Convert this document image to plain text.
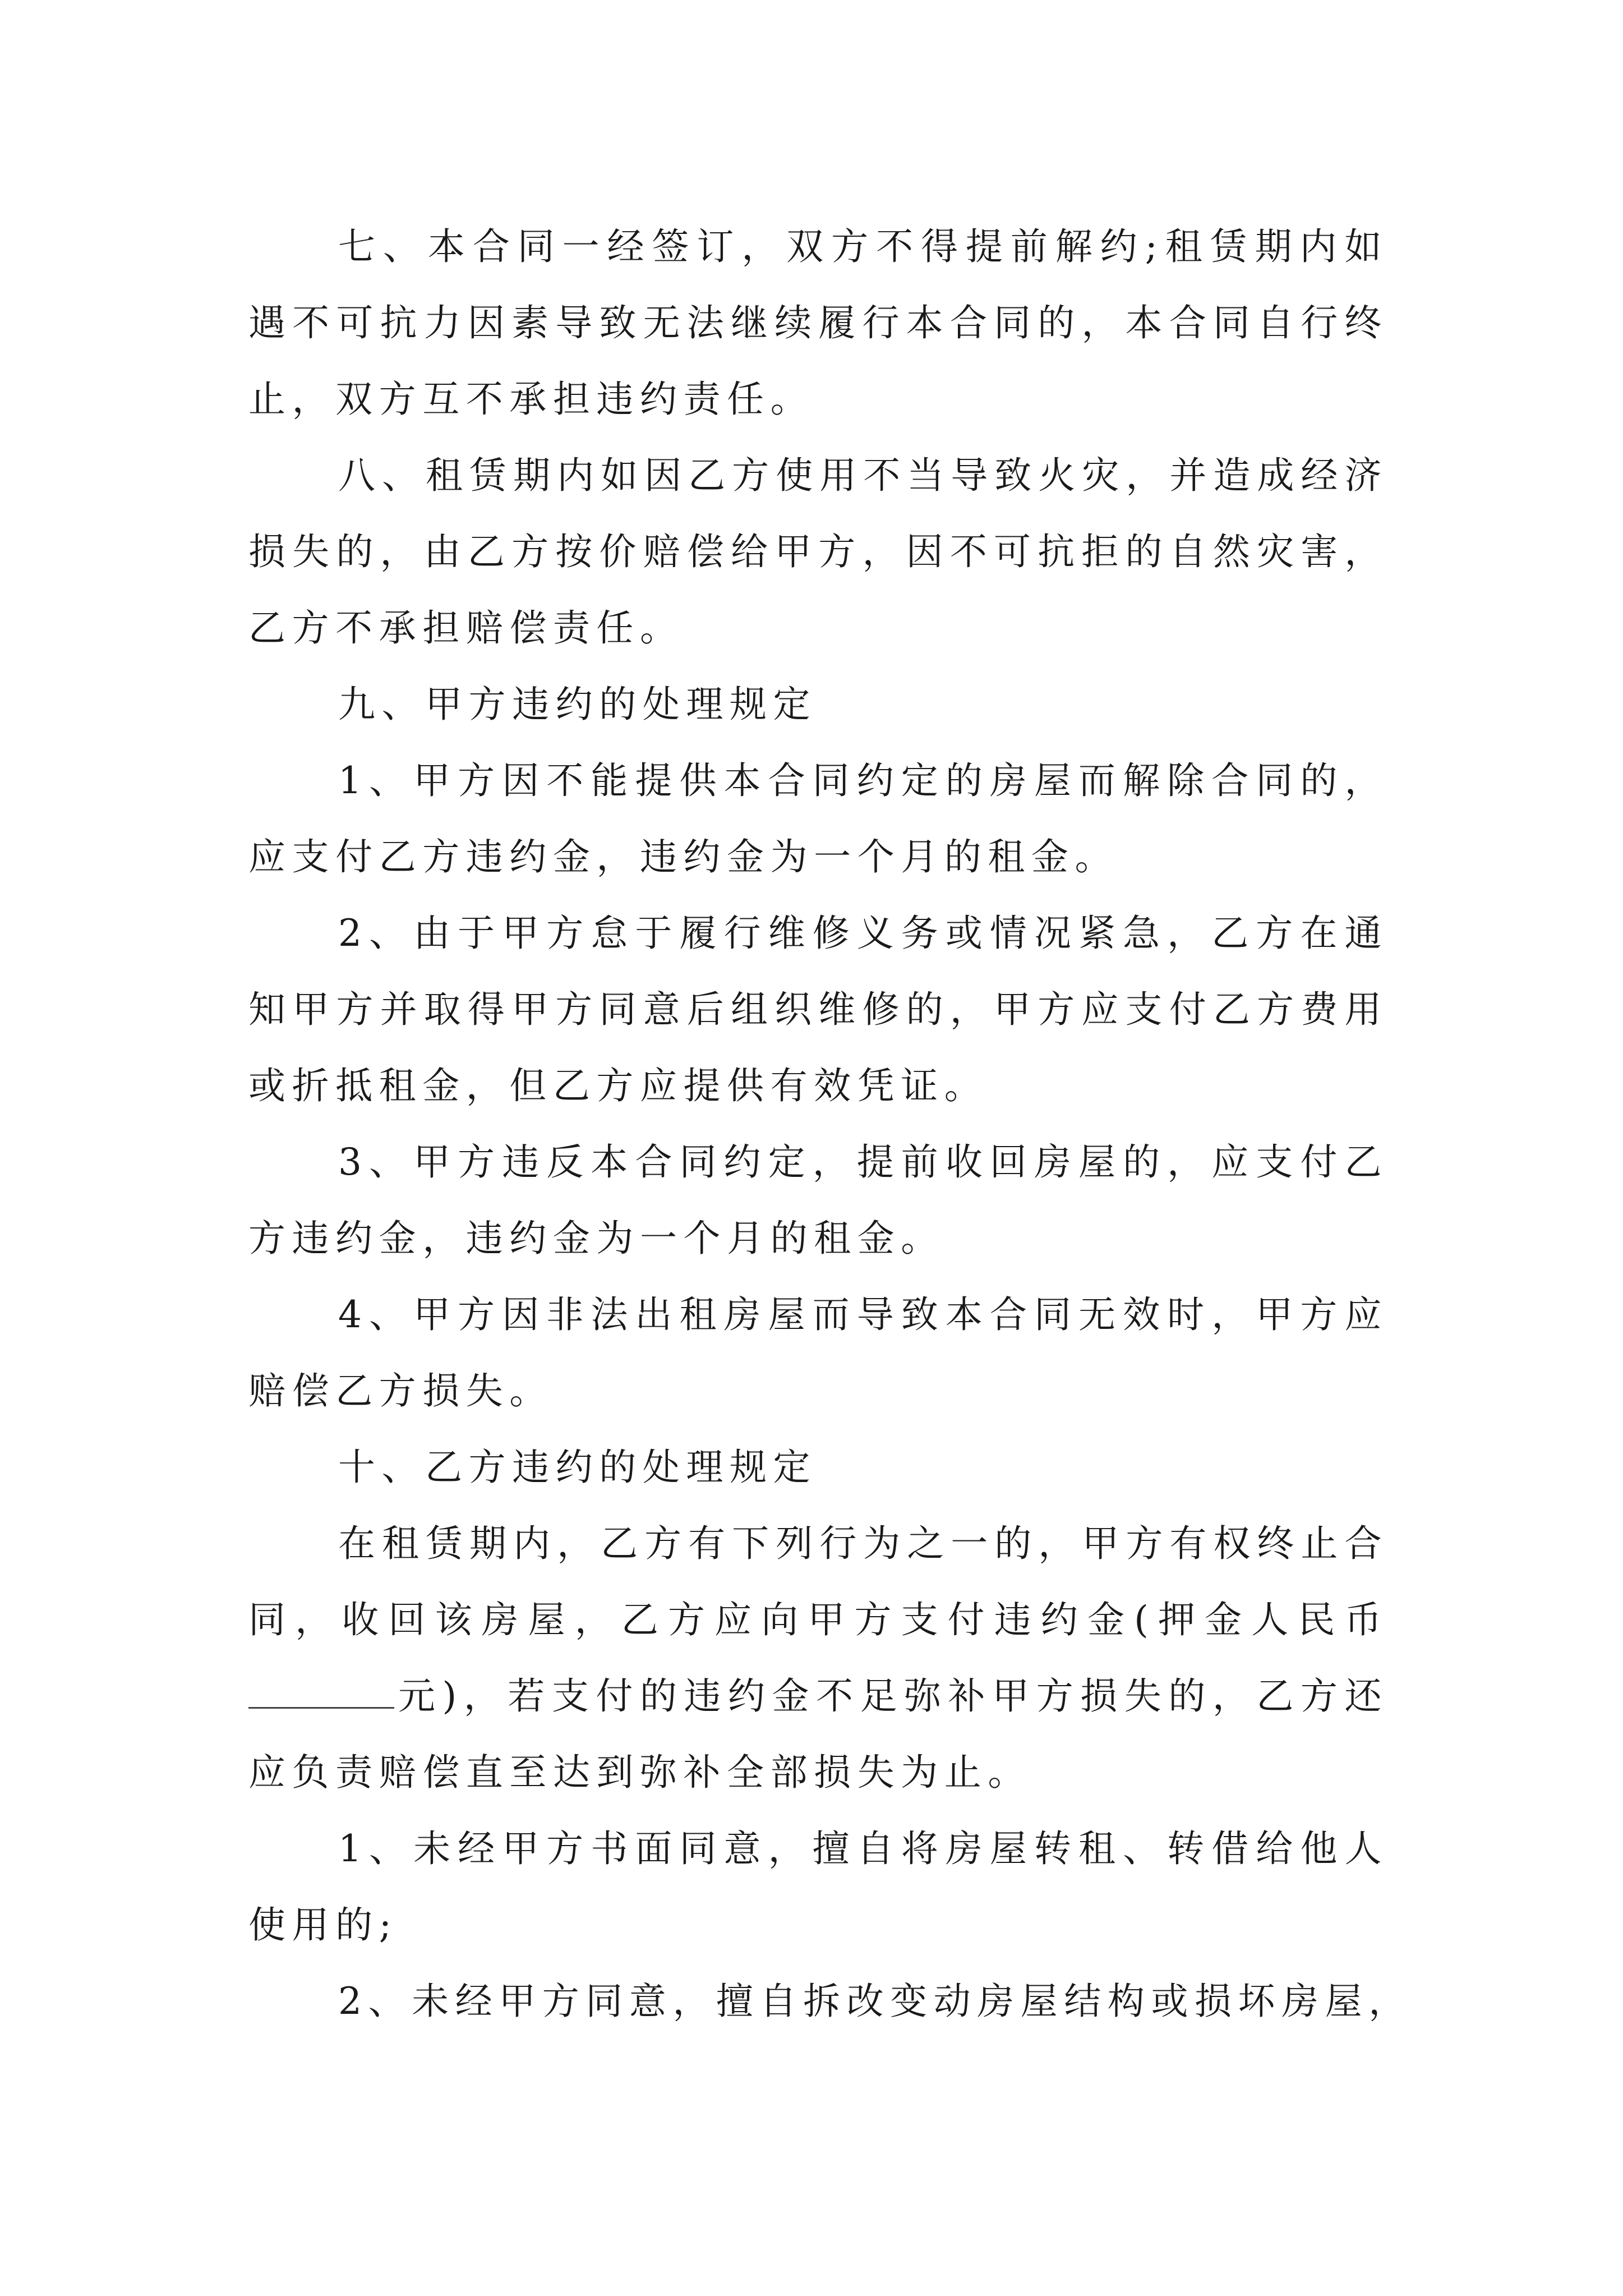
七、本合同一经签订，双方不得提前解约;租赁期内如
遇不可抗力因素导致无法继续履行本合同的，本合同自行终
止，双方互不承担违约责任。
八、租赁期内如因乙方使用不当导致火灾，并造成经济
损失的，由乙方按价赔偿给甲方，因不可抗拒的自然灾害，
乙方不承担赔偿责任。
九、甲方违约的处理规定
1、甲方因不能提供本合同约定的房屋而解除合同的，
应支付乙方违约金，违约金为一个月的租金。
2、由于甲方怠于履行维修义务或情况紧急，乙方在通
知甲方并取得甲方同意后组织维修的，甲方应支付乙方费用
或折抵租金，但乙方应提供有效凭证。
3、甲方违反本合同约定，提前收回房屋的，应支付乙
方违约金，违约金为一个月的租金。
4、甲方因非法出租房屋而导致本合同无效时，甲方应
赔偿乙方损失。
十、乙方违约的处理规定
在租赁期内，乙方有下列行为之一的，甲方有权终止合
同，收回该房屋，乙方应向甲方支付违约金(押金人民币
元)，若支付的违约金不足弥补甲方损失的，乙方还
应负责赔偿直至达到弥补全部损失为止。
1、未经甲方书面同意，擅自将房屋转租、转借给他人
使用的;
2、未经甲方同意，擅自拆改变动房屋结构或损坏房屋，
